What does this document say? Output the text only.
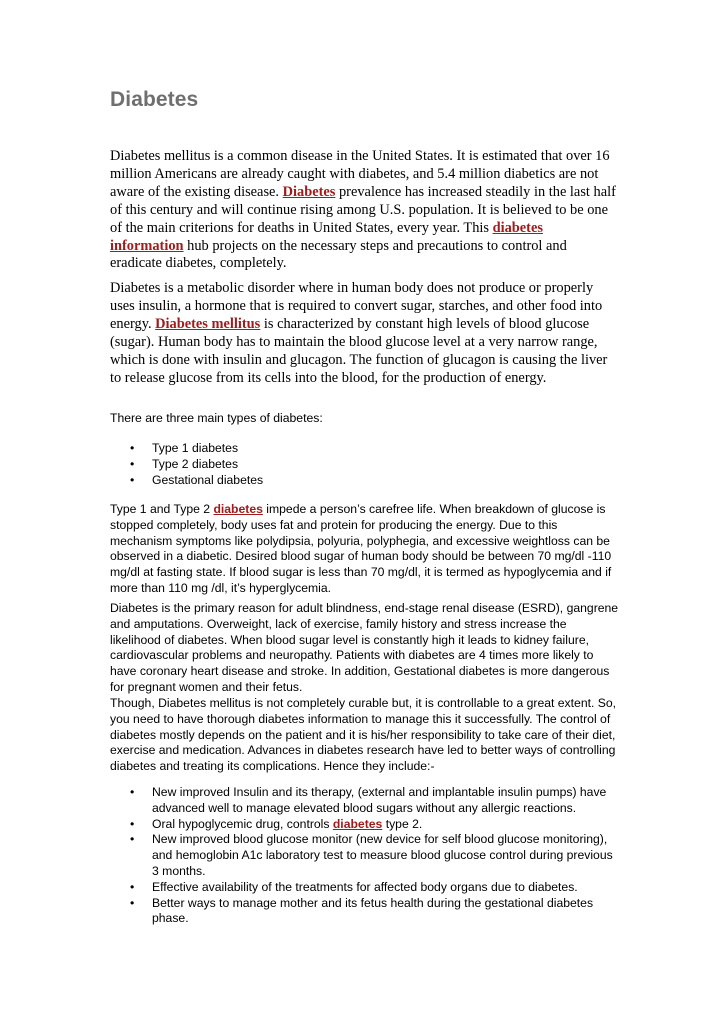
Diabetes

Diabetes mellitus is a common disease in the United States. It is estimated that over 16 million Americans are already caught with diabetes, and 5.4 million diabetics are not aware of the existing disease. Diabetes prevalence has increased steadily in the last half of this century and will continue rising among U.S. population. It is believed to be one of the main criterions for deaths in United States, every year. This diabetes information hub projects on the necessary steps and precautions to control and eradicate diabetes, completely.

Diabetes is a metabolic disorder where in human body does not produce or properly uses insulin, a hormone that is required to convert sugar, starches, and other food into energy. Diabetes mellitus is characterized by constant high levels of blood glucose (sugar). Human body has to maintain the blood glucose level at a very narrow range, which is done with insulin and glucagon. The function of glucagon is causing the liver to release glucose from its cells into the blood, for the production of energy.

There are three main types of diabetes:

• Type 1 diabetes
• Type 2 diabetes
• Gestational diabetes

Type 1 and Type 2 diabetes impede a person’s carefree life. When breakdown of glucose is stopped completely, body uses fat and protein for producing the energy. Due to this mechanism symptoms like polydipsia, polyuria, polyphegia, and excessive weightloss can be observed in a diabetic. Desired blood sugar of human body should be between 70 mg/dl -110 mg/dl at fasting state. If blood sugar is less than 70 mg/dl, it is termed as hypoglycemia and if more than 110 mg /dl, it’s hyperglycemia.

Diabetes is the primary reason for adult blindness, end-stage renal disease (ESRD), gangrene and amputations. Overweight, lack of exercise, family history and stress increase the likelihood of diabetes. When blood sugar level is constantly high it leads to kidney failure, cardiovascular problems and neuropathy. Patients with diabetes are 4 times more likely to have coronary heart disease and stroke. In addition, Gestational diabetes is more dangerous for pregnant women and their fetus.

Though, Diabetes mellitus is not completely curable but, it is controllable to a great extent. So, you need to have thorough diabetes information to manage this it successfully. The control of diabetes mostly depends on the patient and it is his/her responsibility to take care of their diet, exercise and medication. Advances in diabetes research have led to better ways of controlling diabetes and treating its complications. Hence they include:-

• New improved Insulin and its therapy, (external and implantable insulin pumps) have advanced well to manage elevated blood sugars without any allergic reactions.
• Oral hypoglycemic drug, controls diabetes type 2.
• New improved blood glucose monitor (new device for self blood glucose monitoring), and hemoglobin A1c laboratory test to measure blood glucose control during previous 3 months.
• Effective availability of the treatments for affected body organs due to diabetes.
• Better ways to manage mother and its fetus health during the gestational diabetes phase.
